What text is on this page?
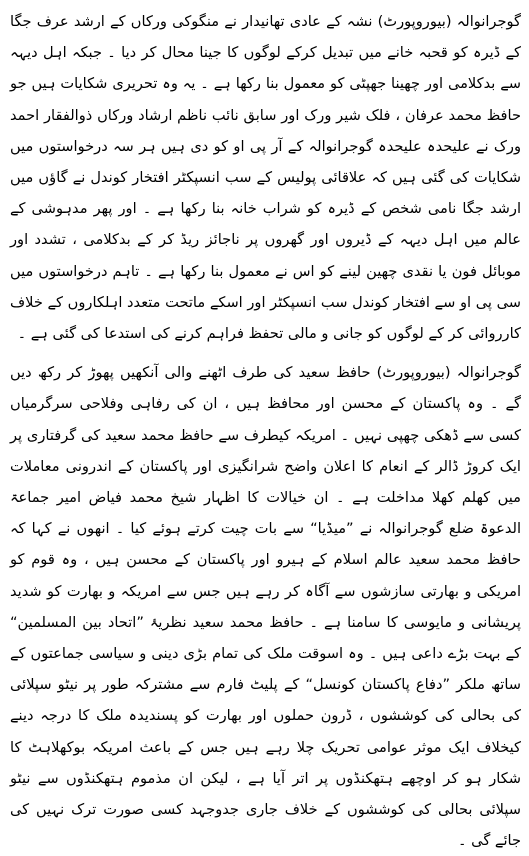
گوجرانوالہ (بیوروپورٹ) نشہ کے عادی تھانیدار نے منگوکی ورکاں کے ارشد عرف جگا کے ڈیرہ کو قحبہ خانے میں تبدیل کرکے لوگوں کا جینا محال کر دیا ۔ جبکہ اہل دیہہ سے بدکلامی اور چھینا جھپٹی کو معمول بنا رکھا ہے ۔ یہ وہ تحریری شکایات ہیں جو حافظ محمد عرفان ، فلک شیر ورک اور سابق نائب ناظم ارشاد ورکاں ذوالفقار احمد ورک نے علیحدہ علیحدہ گوجرانوالہ کے آر پی او کو دی ہیں ہر سہ درخواستوں میں شکایات کی گئی ہیں کہ علاقائی پولیس کے سب انسپکٹر افتخار کوندل نے گاؤں میں ارشد جگا نامی شخص کے ڈیرہ کو شراب خانہ بنا رکھا ہے ۔ اور پھر مدہوشی کے عالم میں اہل دیہہ کے ڈیروں اور گھروں پر ناجائز ریڈ کر کے بدکلامی ، تشدد اور موبائل فون یا نقدی چھین لینے کو اس نے معمول بنا رکھا ہے ۔ تاہم درخواستوں میں سی پی او سے افتخار کوندل سب انسپکٹر اور اسکے ماتحت متعدد اہلکاروں کے خلاف کارروائی کر کے لوگوں کو جانی و مالی تحفظ فراہم کرنے کی استدعا کی گئی ہے ۔

گوجرانوالہ (بیوروپورٹ) حافظ سعید کی طرف اٹھنے والی آنکھیں پھوڑ کر رکھ دیں گے ۔ وہ پاکستان کے محسن اور محافظ ہیں ، ان کی رفاہی وفلاحی سرگرمیاں کسی سے ڈھکی چھپی نہیں ۔ امریکہ کیطرف سے حافظ محمد سعید کی گرفتاری پر ایک کروڑ ڈالر کے انعام کا اعلان واضح شرانگیزی اور پاکستان کے اندرونی معاملات میں کھلم کھلا مداخلت ہے ۔ ان خیالات کا اظہار شیخ محمد فیاض امیر جماعۃ الدعوۃ ضلع گوجرانوالہ نے ”میڈیا“ سے بات چیت کرتے ہوئے کیا ۔ انھوں نے کہا کہ حافظ محمد سعید عالم اسلام کے ہیرو اور پاکستان کے محسن ہیں ، وہ قوم کو امریکی و بھارتی سازشوں سے آگاہ کر رہے ہیں جس سے امریکہ و بھارت کو شدید پریشانی و مایوسی کا سامنا ہے ۔ حافظ محمد سعید نظریۂ ”اتحاد بین المسلمین“ کے بہت بڑے داعی ہیں ۔ وہ اسوقت ملک کی تمام بڑی دینی و سیاسی جماعتوں کے ساتھ ملکر ”دفاع پاکستان کونسل“ کے پلیٹ فارم سے مشترکہ طور پر نیٹو سپلائی کی بحالی کی کوششوں ، ڈرون حملوں اور بھارت کو پسندیدہ ملک کا درجہ دینے کیخلاف ایک موثر عوامی تحریک چلا رہے ہیں جس کے باعث امریکہ بوکھلاہٹ کا شکار ہو کر اوچھے ہتھکنڈوں پر اتر آیا ہے ، لیکن ان مذموم ہتھکنڈوں سے نیٹو سپلائی بحالی کی کوششوں کے خلاف جاری جدوجہد کسی صورت ترک نہیں کی جائے گی ۔
